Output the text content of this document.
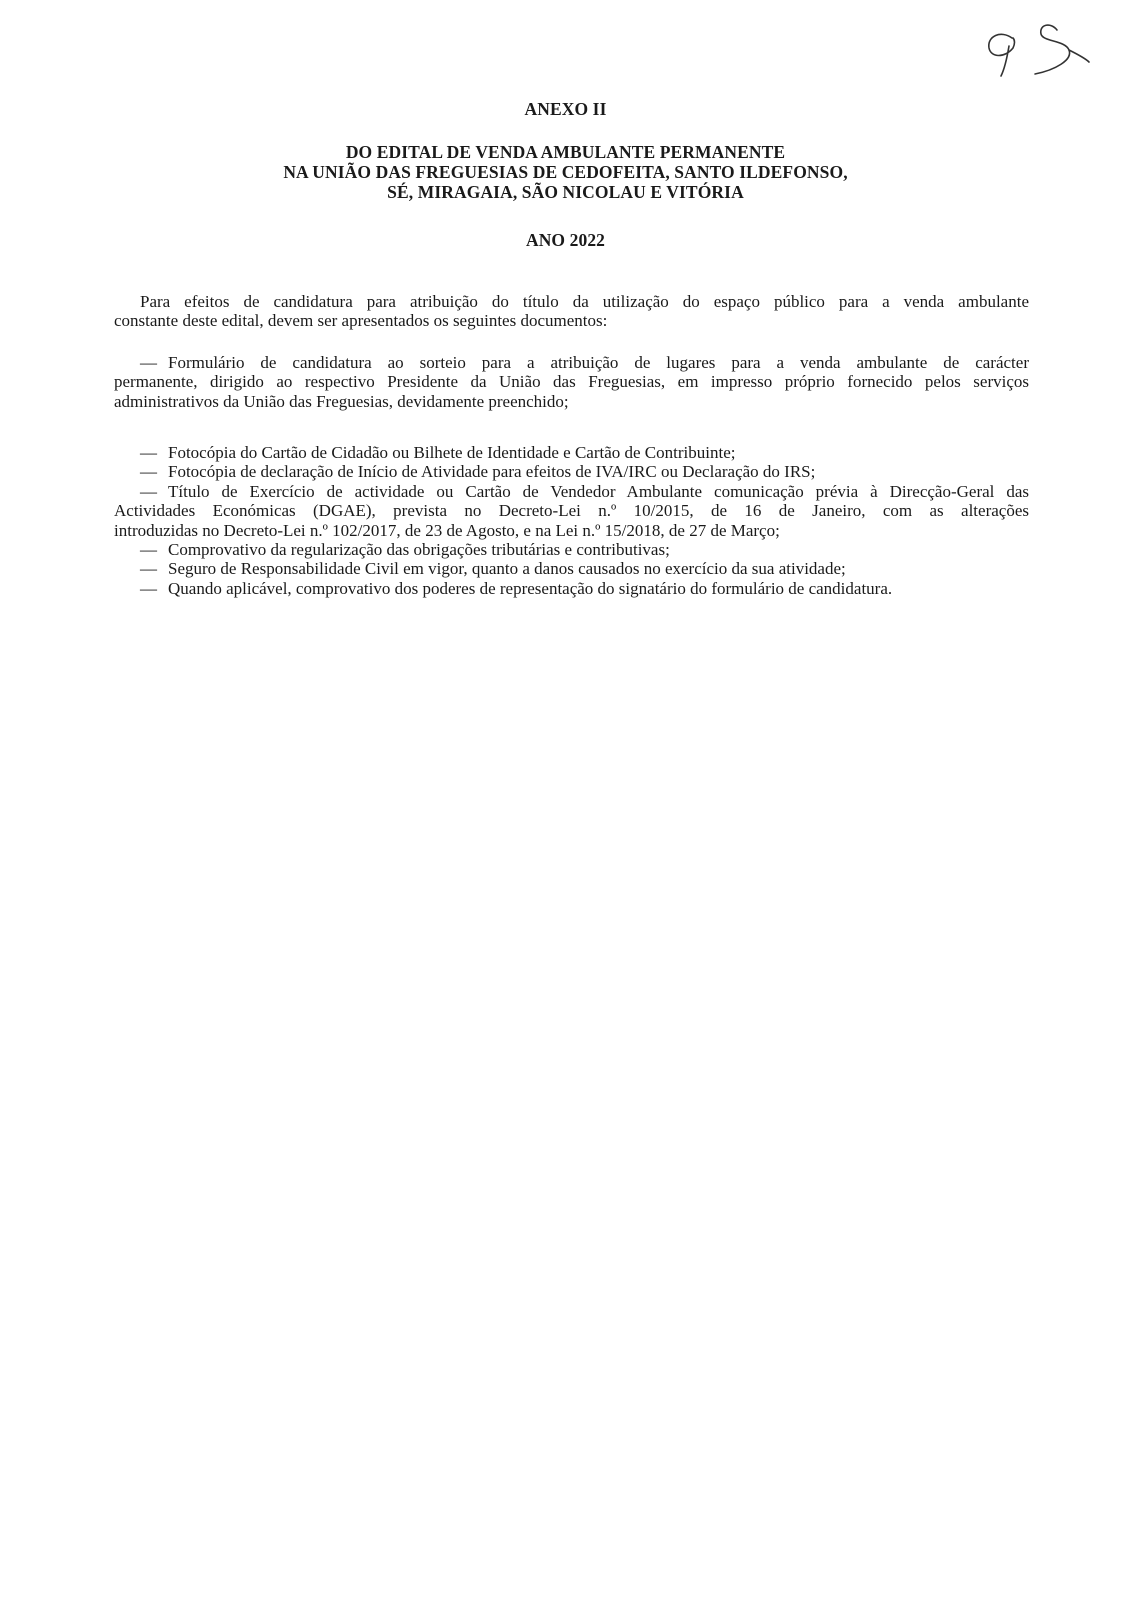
ANEXO II
DO EDITAL DE VENDA AMBULANTE PERMANENTE
NA UNIÃO DAS FREGUESIAS DE CEDOFEITA, SANTO ILDEFONSO,
SÉ, MIRAGAIA, SÃO NICOLAU E VITÓRIA
ANO 2022
Para efeitos de candidatura para atribuição do título da utilização do espaço público para a venda ambulante
constante deste edital, devem ser apresentados os seguintes documentos:
— Formulário de candidatura ao sorteio para a atribuição de lugares para a venda ambulante de carácter
permanente, dirigido ao respectivo Presidente da União das Freguesias, em impresso próprio fornecido pelos serviços
administrativos da União das Freguesias, devidamente preenchido;
— Fotocópia do Cartão de Cidadão ou Bilhete de Identidade e Cartão de Contribuinte;
— Fotocópia de declaração de Início de Atividade para efeitos de IVA/IRC ou Declaração do IRS;
— Título de Exercício de actividade ou Cartão de Vendedor Ambulante comunicação prévia à Direcção-Geral das
Actividades Económicas (DGAE), prevista no Decreto-Lei n.º 10/2015, de 16 de Janeiro, com as alterações
introduzidas no Decreto-Lei n.º 102/2017, de 23 de Agosto, e na Lei n.º 15/2018, de 27 de Março;
— Comprovativo da regularização das obrigações tributárias e contributivas;
— Seguro de Responsabilidade Civil em vigor, quanto a danos causados no exercício da sua atividade;
— Quando aplicável, comprovativo dos poderes de representação do signatário do formulário de candidatura.
